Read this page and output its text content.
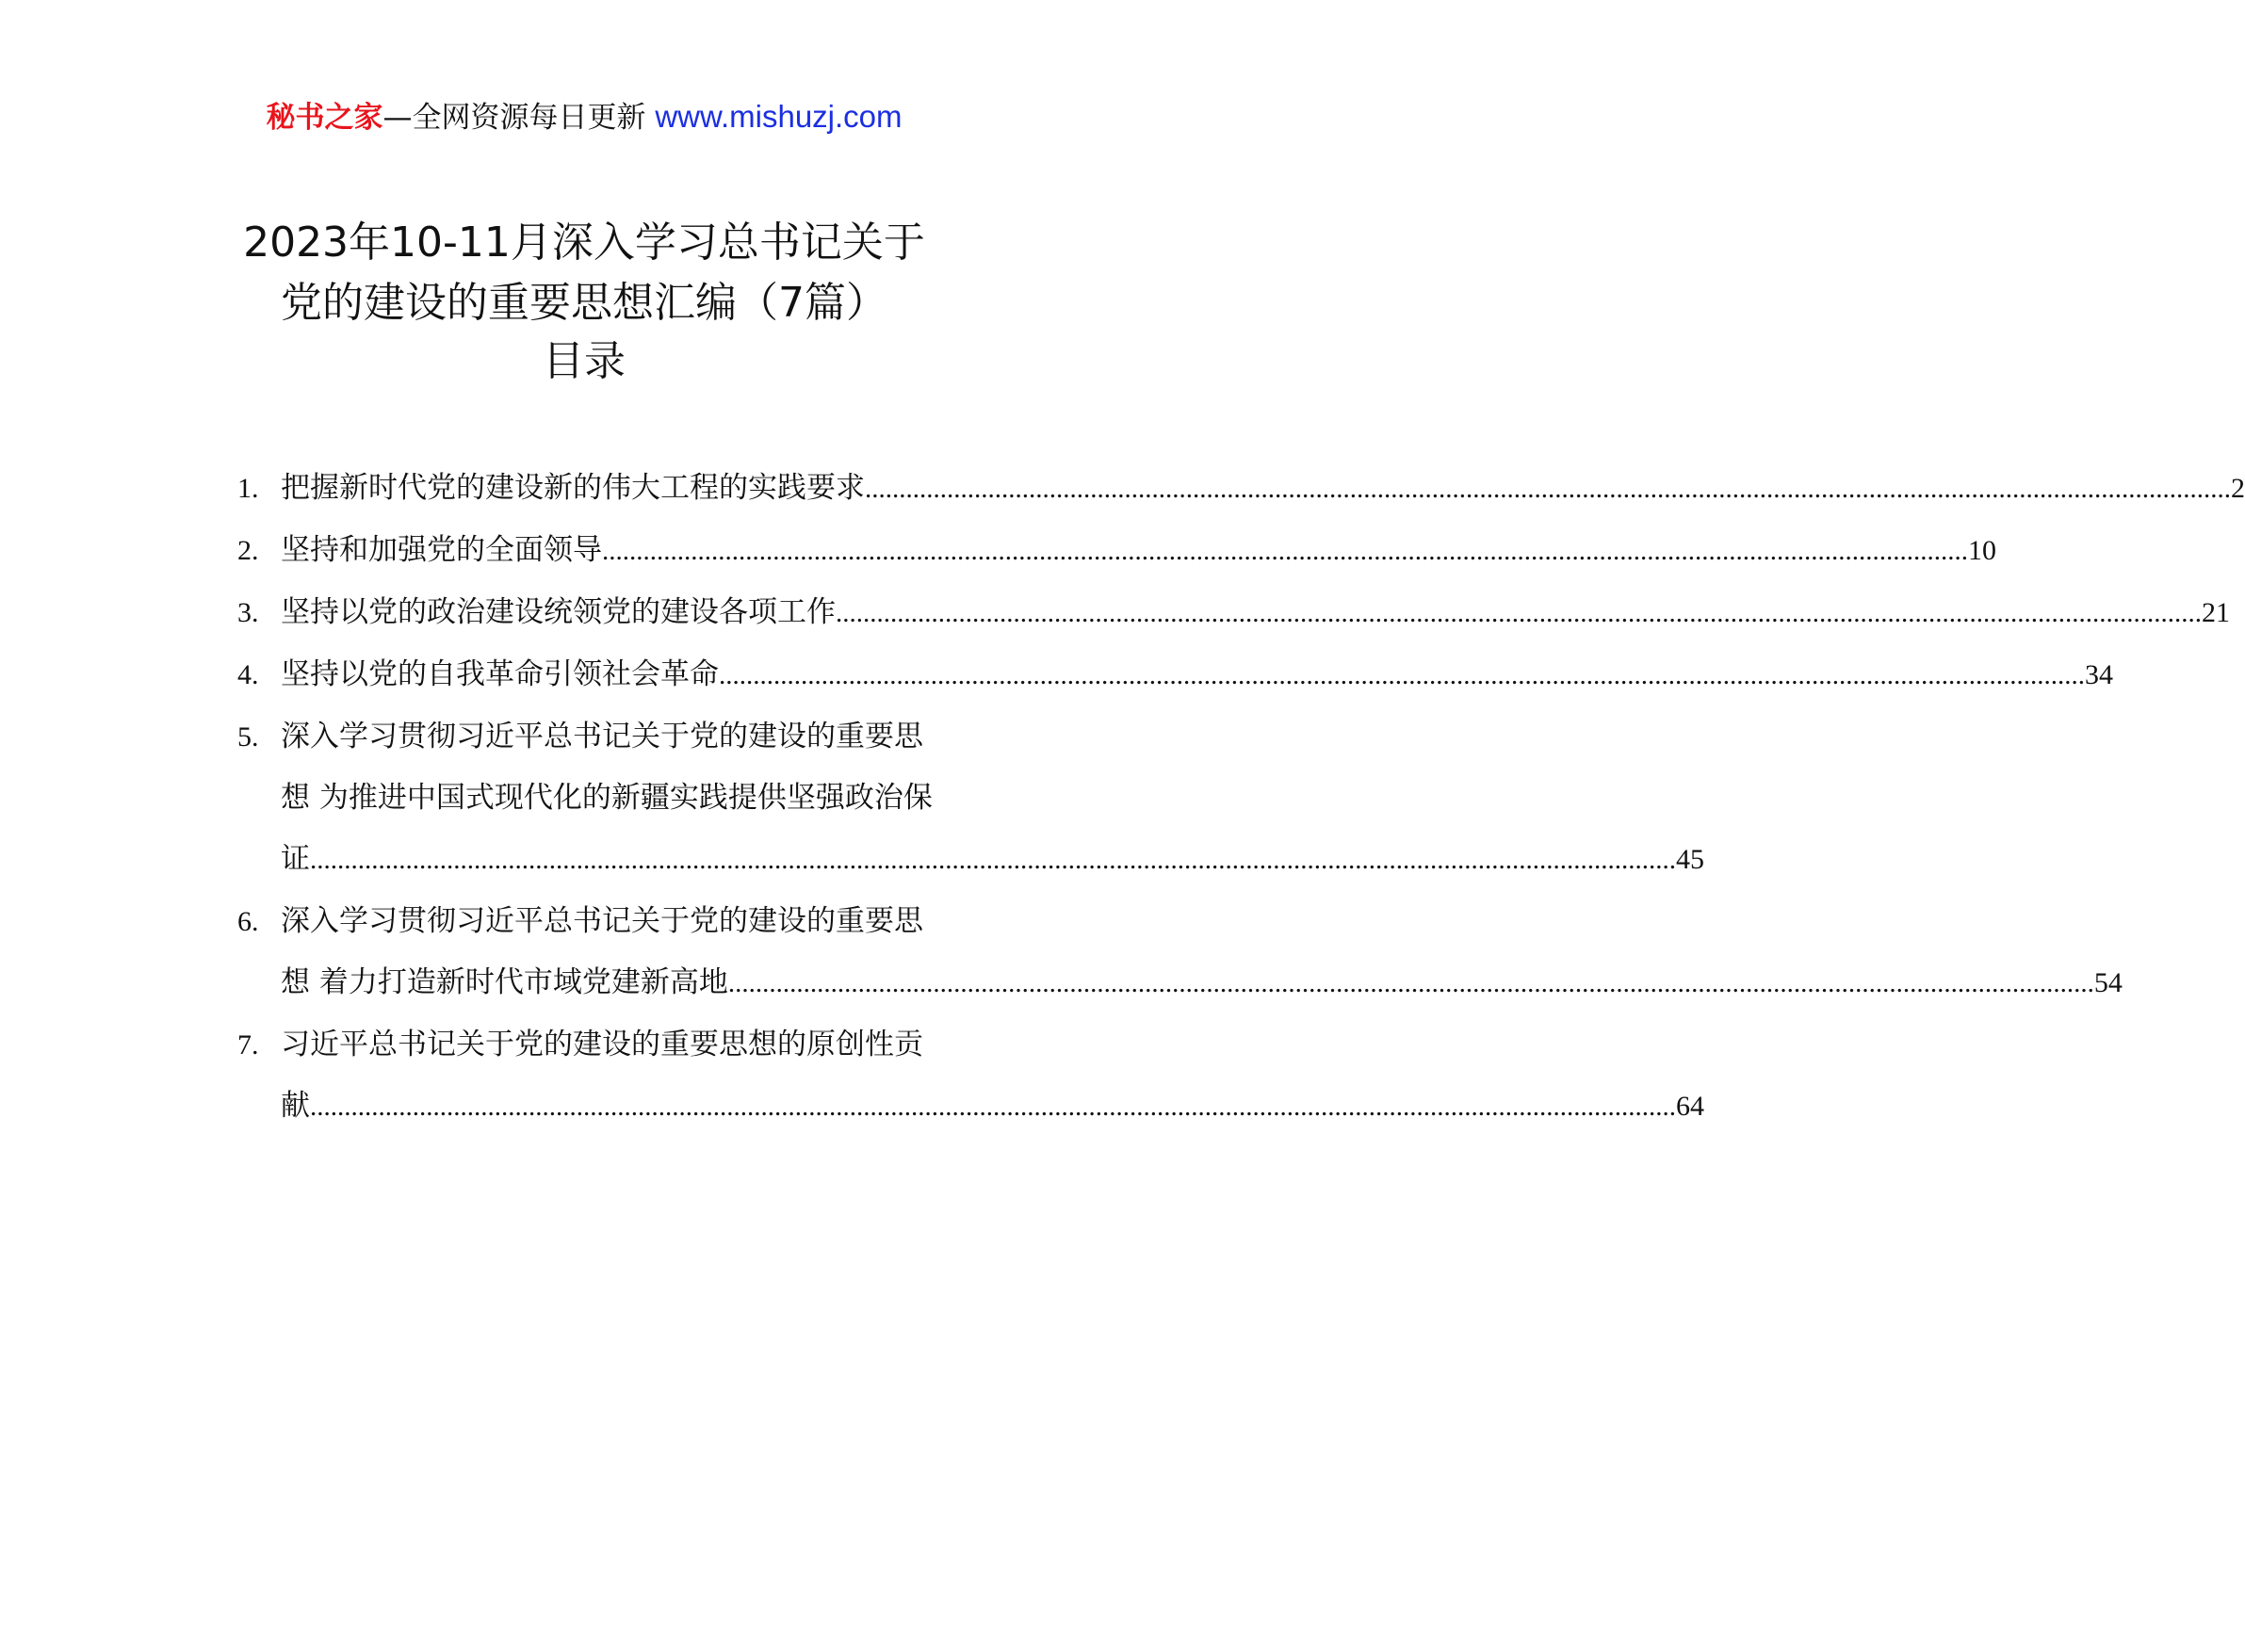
秘书之家—全网资源每日更新 www.mishuzj.com
2023年10-11月深入学习总书记关于
党的建设的重要思想汇编（7篇）
目录
1. 把握新时代党的建设新的伟大工程的实践要求 ........................................................................................................................................................................................................ 2
2. 坚持和加强党的全面领导 ........................................................................................................................................................................................................ 10
3. 坚持以党的政治建设统领党的建设各项工作 ........................................................................................................................................................................................................ 21
4. 坚持以党的自我革命引领社会革命 ........................................................................................................................................................................................................ 34
5. 深入学习贯彻习近平总书记关于党的建设的重要思
想 为推进中国式现代化的新疆实践提供坚强政治保
证 ........................................................................................................................................................................................................ 45
6. 深入学习贯彻习近平总书记关于党的建设的重要思
想 着力打造新时代市域党建新高地 ........................................................................................................................................................................................................ 54
7. 习近平总书记关于党的建设的重要思想的原创性贡
献 ........................................................................................................................................................................................................ 64
